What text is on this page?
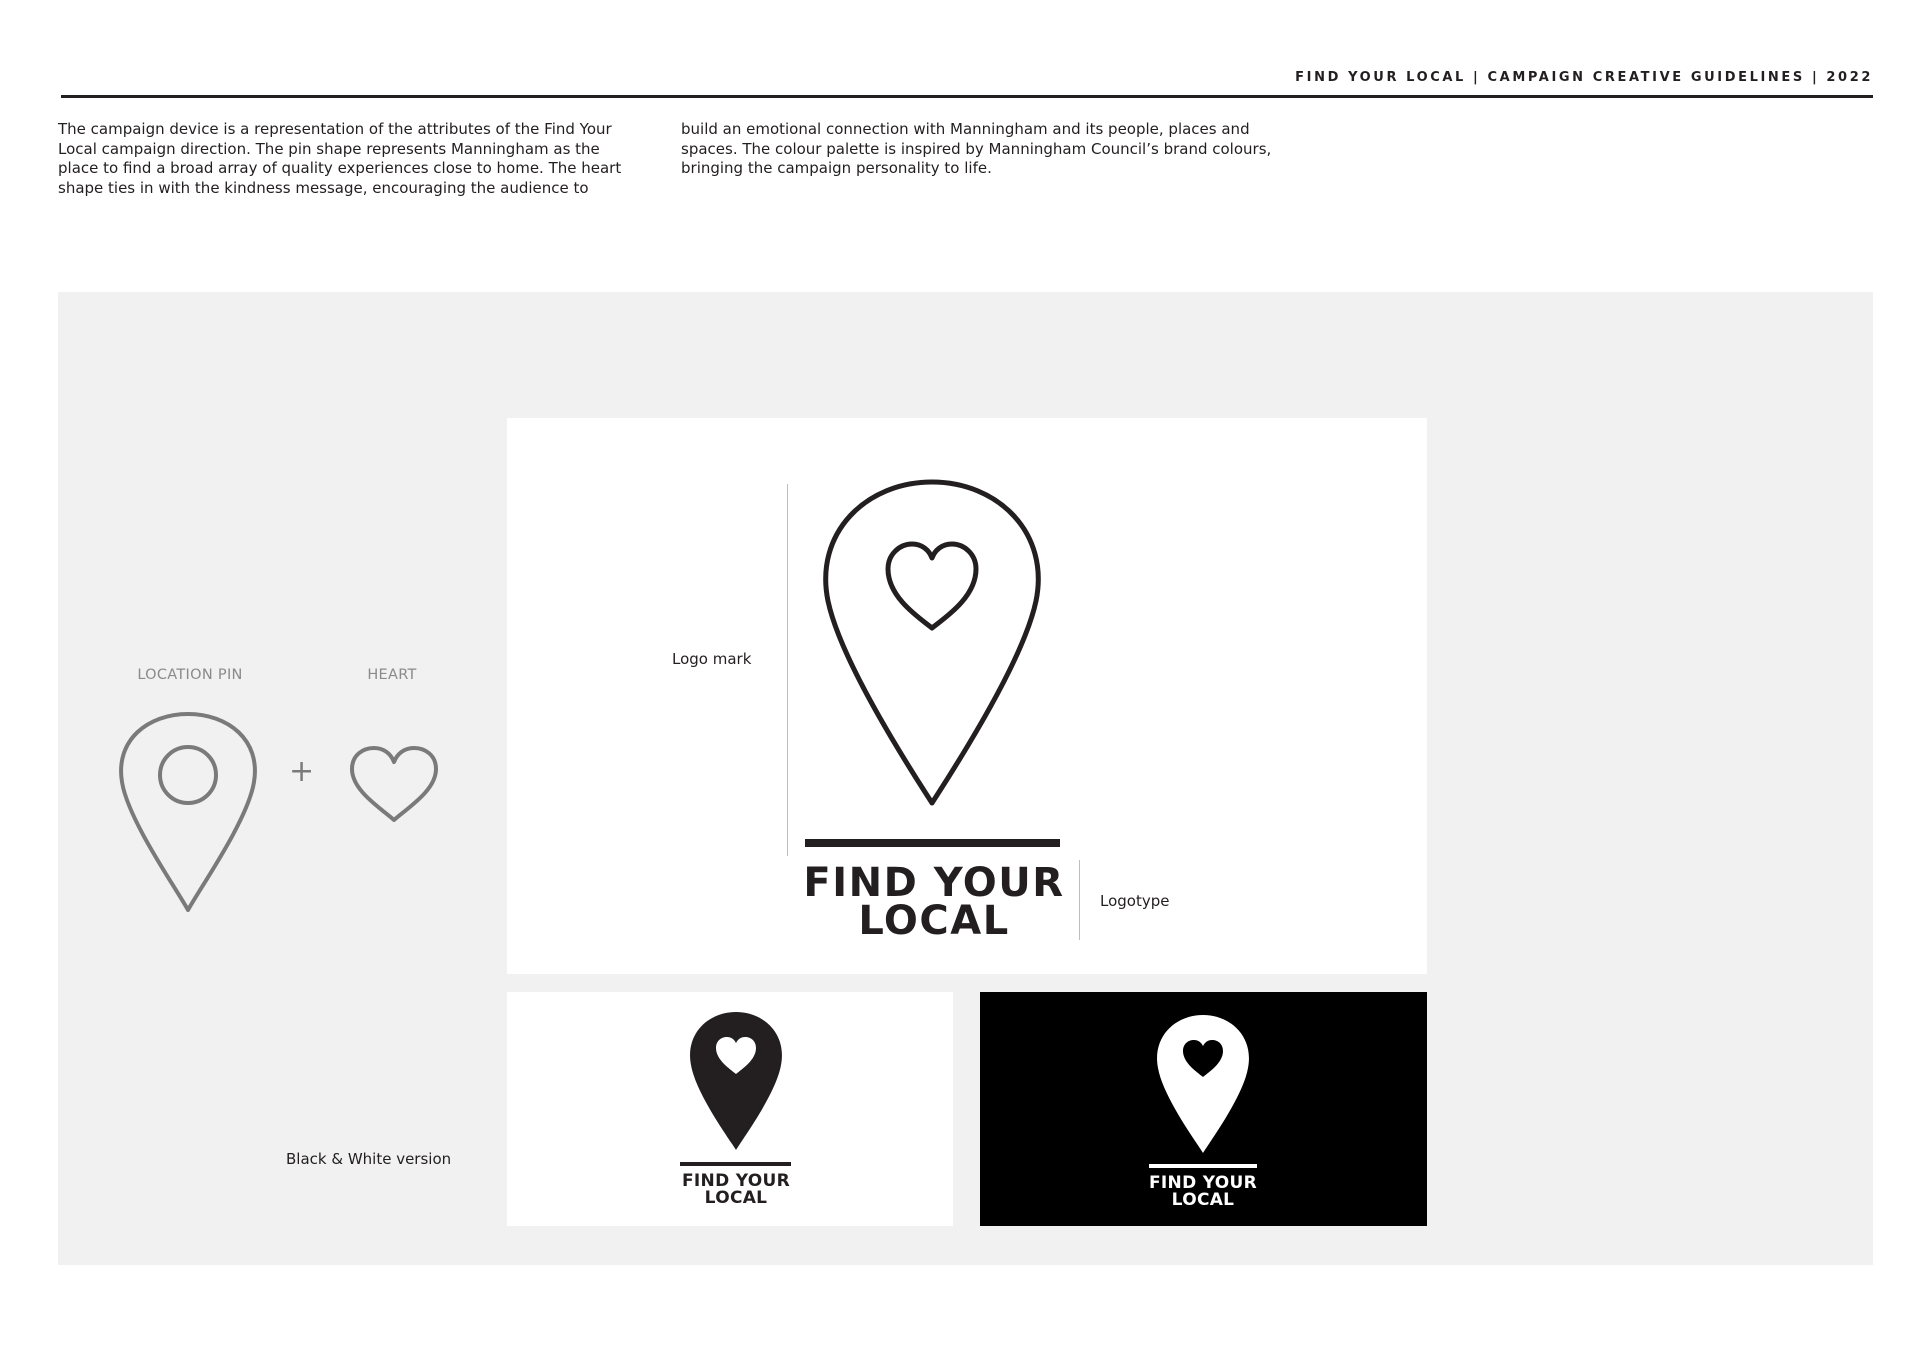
FIND YOUR LOCAL | CAMPAIGN CREATIVE GUIDELINES | 2022

The campaign device is a representation of the attributes of the Find Your Local campaign direction. The pin shape represents Manningham as the place to find a broad array of quality experiences close to home. The heart shape ties in with the kindness message, encouraging the audience to

build an emotional connection with Manningham and its people, places and spaces. The colour palette is inspired by Manningham Council’s brand colours, bringing the campaign personality to life.

LOCATION PIN	HEART
+
Logo mark
FIND YOUR
LOCAL	Logotype
Black & White version
FIND YOUR
LOCAL
FIND YOUR
LOCAL
